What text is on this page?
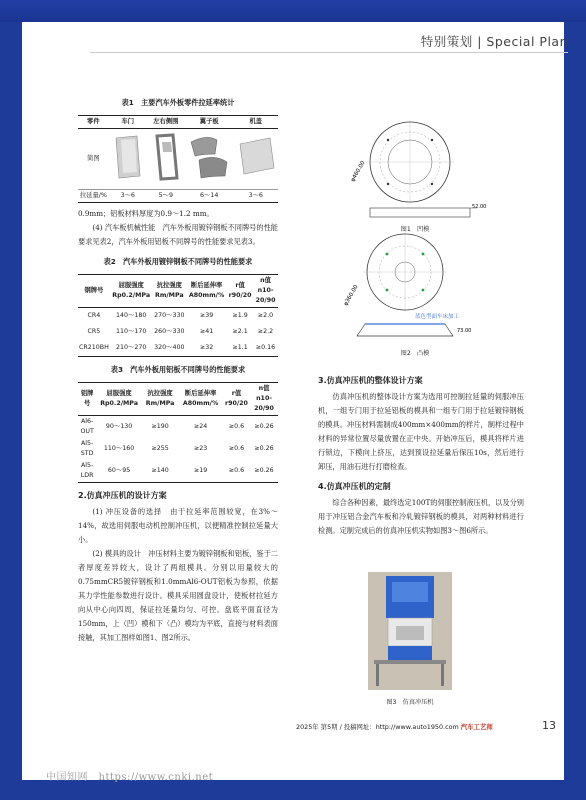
特别策划 | Special Plan
表1　主要汽车外板零件拉延率统计
零件	车门	左右侧围	翼子板	机盖
简图				
拉延量/%	3～6	5～9	6～14	3～6

0.9mm；铝板材料厚度为0.9～1.2 mm。

(4) 汽车板机械性能　汽车外板用镀锌钢板不同牌号的性能要求见表2，汽车外板用铝板不同牌号的性能要求见表3。

表2　汽车外板用镀锌钢板不同牌号的性能要求
钢牌号	屈服强度Rp0.2/MPa	抗拉强度Rm/MPa	断后延伸率A80mm/%	r值r90/20	n值n10-20/90
CR4	140～180	270～330	≥39	≥1.9	≥2.0
CR5	110～170	260～330	≥41	≥2.1	≥2.2
CR210BH	210～270	320～400	≥32	≥1.1	≥0.16
表3　汽车外板用铝板不同牌号的性能要求
铝牌号	屈服强度Rp0.2/MPa	抗拉强度Rm/MPa	断后延伸率A80mm/%	r值r90/20	n值n10-20/90
Al6-OUT	90～130	≥190	≥24	≥0.6	≥0.26
Al5-STD	110～160	≥255	≥23	≥0.6	≥0.26
Al5-LDR	60～95	≥140	≥19	≥0.6	≥0.26
2.仿真冲压机的设计方案

(1) 冲压设备的选择　由于拉延率范围较宽，在3%～14%，故选用伺服电动机控制冲压机，以便精准控制拉延量大小。

(2) 模具的设计　冲压材料主要为镀锌钢板和铝板，鉴于二者厚度差异较大，设计了两组模具。分别以用量较大的0.75mmCR5镀锌钢板和1.0mmAl6-OUT铝板为参照，依据其力学性能参数进行设计。模具采用圆盘设计，使板材拉延方向从中心向四周，保证拉延量均匀、可控。盘底平面直径为150mm，上（凹）模和下（凸）模均为平底，直接与材料表面接触，其加工图样如图1、图2所示。

φ460.00
52.00
图1　凹模
φ360.00
蓝色型面车床加工
73.00
图2　凸模
3.仿真冲压机的整体设计方案

仿真冲压机的整体设计方案为选用可控制拉延量的伺服冲压机，一组专门用于拉延铝板的模具和一组专门用于拉延镀锌钢板的模具。冲压材料需制成400mm×400mm的样片，制样过程中材料的异常位置尽量放置在正中央。开始冲压后，模具将样片进行锁边，下模向上挤压，达到预设拉延量后保压10s，然后进行卸压，用油石进行打磨检查。

4.仿真冲压机的定制

综合各种因素，最终选定100T的伺服控制液压机，以及分别用于冲压铝合金汽车板和冷轧镀锌钢板的模具，对两种材料进行检测。定制完成后的仿真冲压机实物如图3～图6所示。

图3　仿真冲压机
2025年 第5期 / 投稿网址：http://www.auto1950.com 汽车工艺师	13
中国知网　https://www.cnki.net
